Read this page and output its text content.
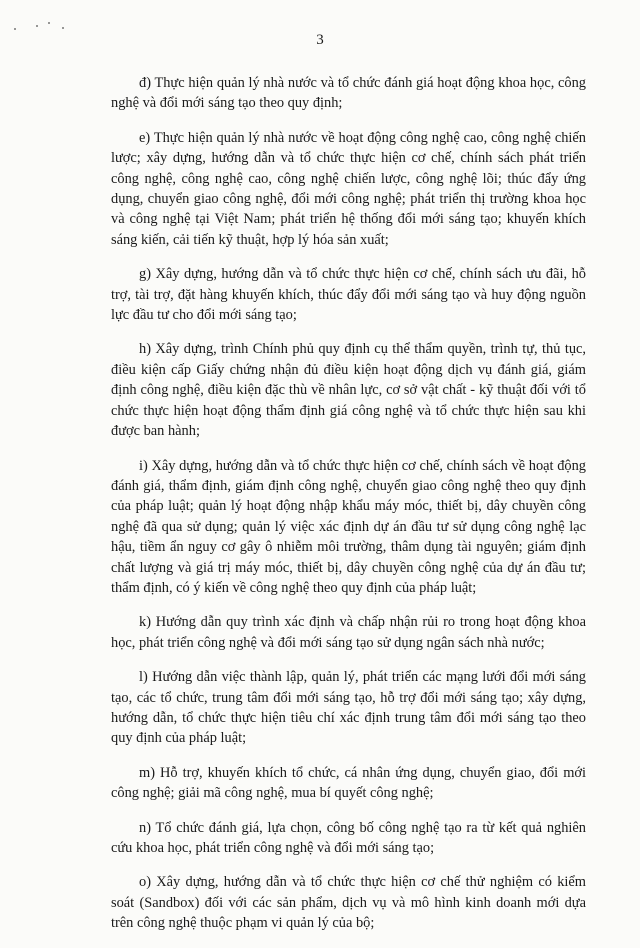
3

đ) Thực hiện quản lý nhà nước và tổ chức đánh giá hoạt động khoa học, công nghệ và đổi mới sáng tạo theo quy định;

e) Thực hiện quản lý nhà nước về hoạt động công nghệ cao, công nghệ chiến lược; xây dựng, hướng dẫn và tổ chức thực hiện cơ chế, chính sách phát triển công nghệ, công nghệ cao, công nghệ chiến lược, công nghệ lõi; thúc đẩy ứng dụng, chuyển giao công nghệ, đổi mới công nghệ; phát triển thị trường khoa học và công nghệ tại Việt Nam; phát triển hệ thống đổi mới sáng tạo; khuyến khích sáng kiến, cải tiến kỹ thuật, hợp lý hóa sản xuất;

g) Xây dựng, hướng dẫn và tổ chức thực hiện cơ chế, chính sách ưu đãi, hỗ trợ, tài trợ, đặt hàng khuyến khích, thúc đẩy đổi mới sáng tạo và huy động nguồn lực đầu tư cho đổi mới sáng tạo;

h) Xây dựng, trình Chính phủ quy định cụ thể thẩm quyền, trình tự, thủ tục, điều kiện cấp Giấy chứng nhận đủ điều kiện hoạt động dịch vụ đánh giá, giám định công nghệ, điều kiện đặc thù về nhân lực, cơ sở vật chất - kỹ thuật đối với tổ chức thực hiện hoạt động thẩm định giá công nghệ và tổ chức thực hiện sau khi được ban hành;

i) Xây dựng, hướng dẫn và tổ chức thực hiện cơ chế, chính sách về hoạt động đánh giá, thẩm định, giám định công nghệ, chuyển giao công nghệ theo quy định của pháp luật; quản lý hoạt động nhập khẩu máy móc, thiết bị, dây chuyền công nghệ đã qua sử dụng; quản lý việc xác định dự án đầu tư sử dụng công nghệ lạc hậu, tiềm ẩn nguy cơ gây ô nhiễm môi trường, thâm dụng tài nguyên; giám định chất lượng và giá trị máy móc, thiết bị, dây chuyền công nghệ của dự án đầu tư; thẩm định, có ý kiến về công nghệ theo quy định của pháp luật;

k) Hướng dẫn quy trình xác định và chấp nhận rủi ro trong hoạt động khoa học, phát triển công nghệ và đổi mới sáng tạo sử dụng ngân sách nhà nước;

l) Hướng dẫn việc thành lập, quản lý, phát triển các mạng lưới đổi mới sáng tạo, các tổ chức, trung tâm đổi mới sáng tạo, hỗ trợ đổi mới sáng tạo; xây dựng, hướng dẫn, tổ chức thực hiện tiêu chí xác định trung tâm đổi mới sáng tạo theo quy định của pháp luật;

m) Hỗ trợ, khuyến khích tổ chức, cá nhân ứng dụng, chuyển giao, đổi mới công nghệ; giải mã công nghệ, mua bí quyết công nghệ;

n) Tổ chức đánh giá, lựa chọn, công bố công nghệ tạo ra từ kết quả nghiên cứu khoa học, phát triển công nghệ và đổi mới sáng tạo;

o) Xây dựng, hướng dẫn và tổ chức thực hiện cơ chế thử nghiệm có kiểm soát (Sandbox) đối với các sản phẩm, dịch vụ và mô hình kinh doanh mới dựa trên công nghệ thuộc phạm vi quản lý của bộ;
